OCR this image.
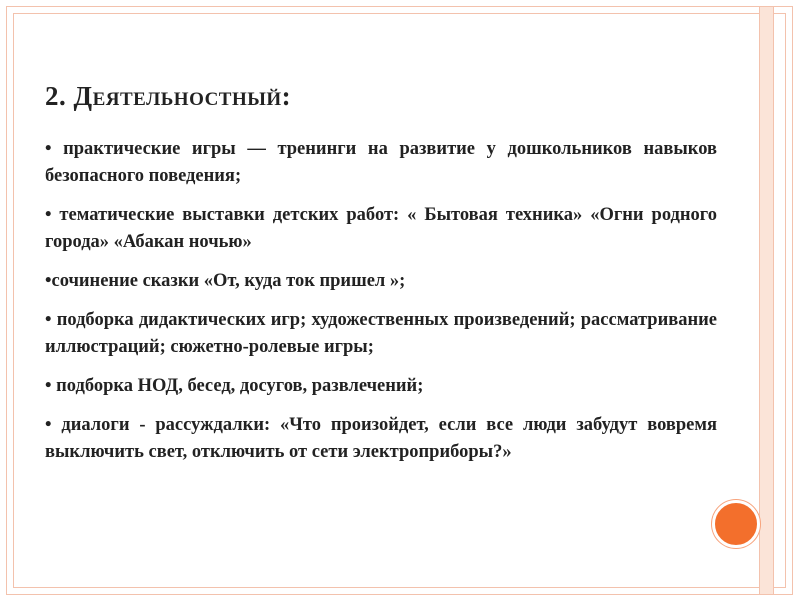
2. Деятельностный:
• практические игры — тренинги на развитие у дошкольников навыков безопасного поведения;
• тематические выставки детских работ: « Бытовая техника» «Огни родного города» «Абакан ночью»
•сочинение сказки «От, куда ток пришел »;
• подборка дидактических игр; художественных произведений; рассматривание иллюстраций; сюжетно-ролевые игры;
• подборка НОД, бесед, досугов, развлечений;
• диалоги - рассуждалки: «Что произойдет, если все люди забудут вовремя выключить свет, отключить от сети электроприборы?»
